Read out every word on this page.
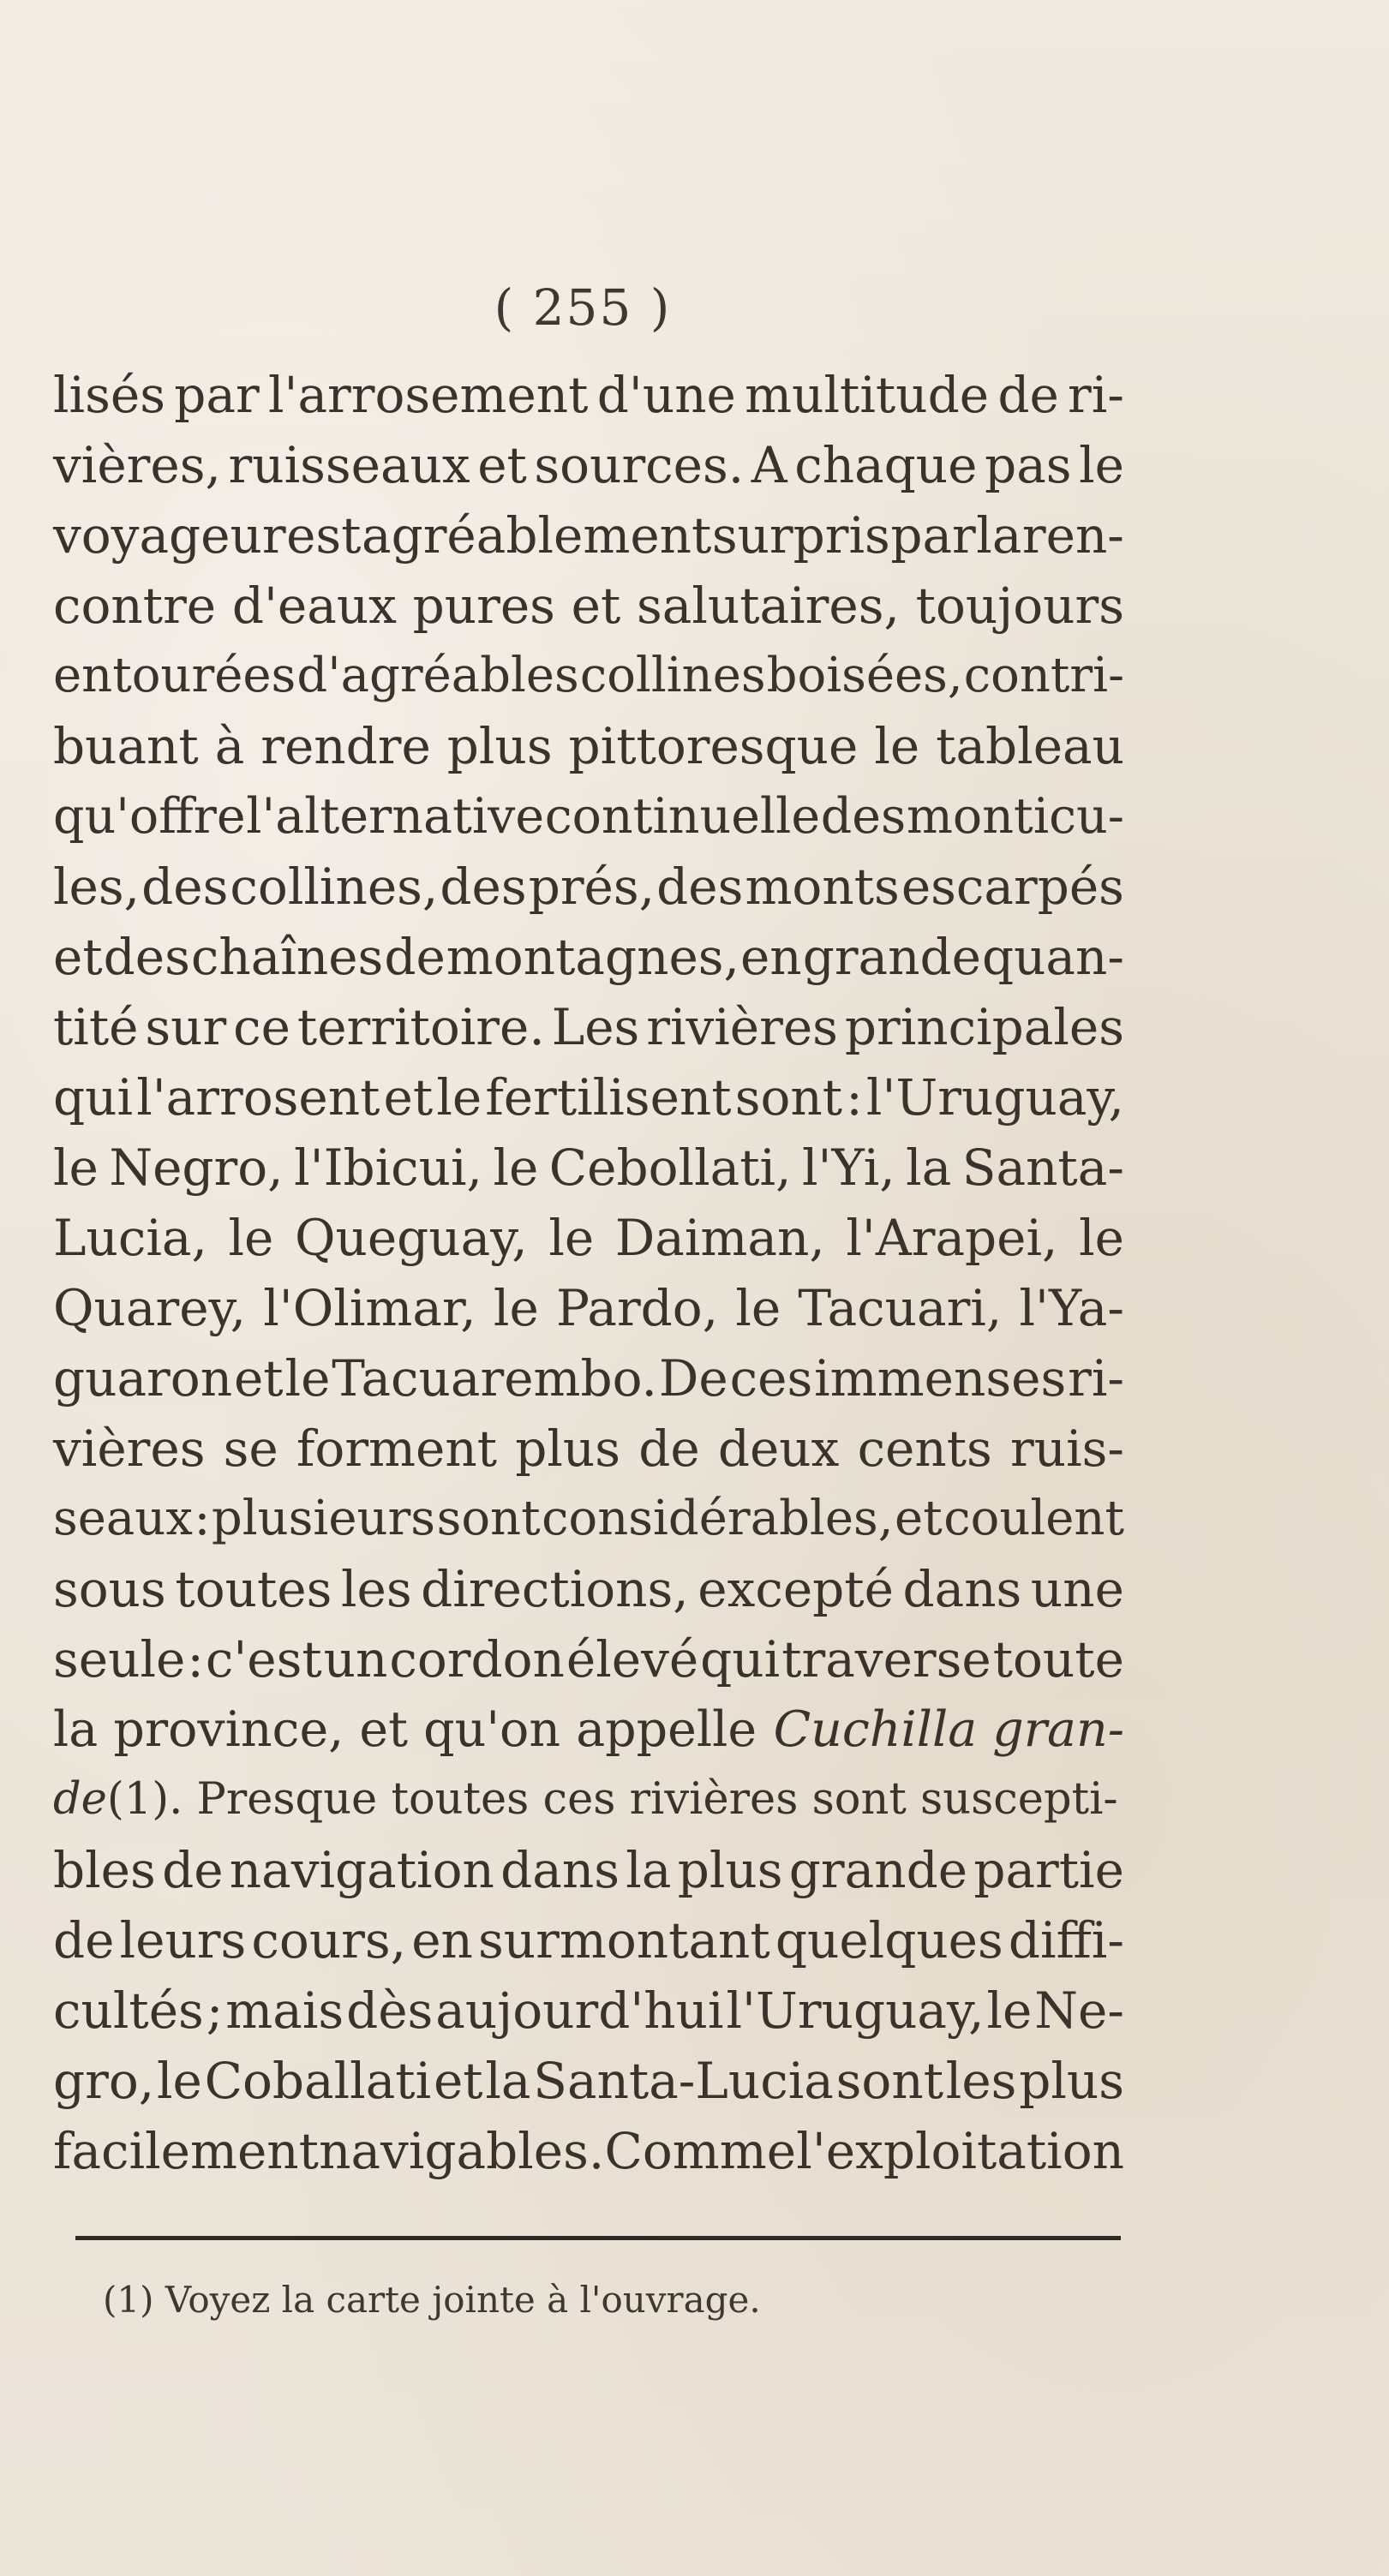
( 255 )
lisés par l'arrosement d'une multitude de ri-
vières, ruisseaux et sources. A chaque pas le
voyageur est agréablement surpris par la ren-
contre d'eaux pures et salutaires, toujours
entourées d'agréables collines boisées, contri-
buant à rendre plus pittoresque le tableau
qu'offre l'alternative continuelle des monticu-
les, des collines, des prés, des monts escarpés
et des chaînes de montagnes, en grande quan-
tité sur ce territoire. Les rivières principales
qui l'arrosent et le fertilisent sont : l'Uruguay,
le Negro, l'Ibicui, le Cebollati, l'Yi, la Santa-
Lucia, le Queguay, le Daiman, l'Arapei, le
Quarey, l'Olimar, le Pardo, le Tacuari, l'Ya-
guaron et le Tacuarembo. De ces immenses ri-
vières se forment plus de deux cents ruis-
seaux : plusieurs sont considérables, et coulent
sous toutes les directions, excepté dans une
seule : c'est un cordon élevé qui traverse toute
la province, et qu'on appelle Cuchilla gran-
de(1). Presque toutes ces rivières sont suscepti-
bles de navigation dans la plus grande partie
de leurs cours, en surmontant quelques diffi-
cultés ; mais dès aujourd'hui l'Uruguay, le Ne-
gro, le Coballati et la Santa-Lucia sont les plus
facilement navigables. Comme l'exploitation
(1) Voyez la carte jointe à l'ouvrage.
